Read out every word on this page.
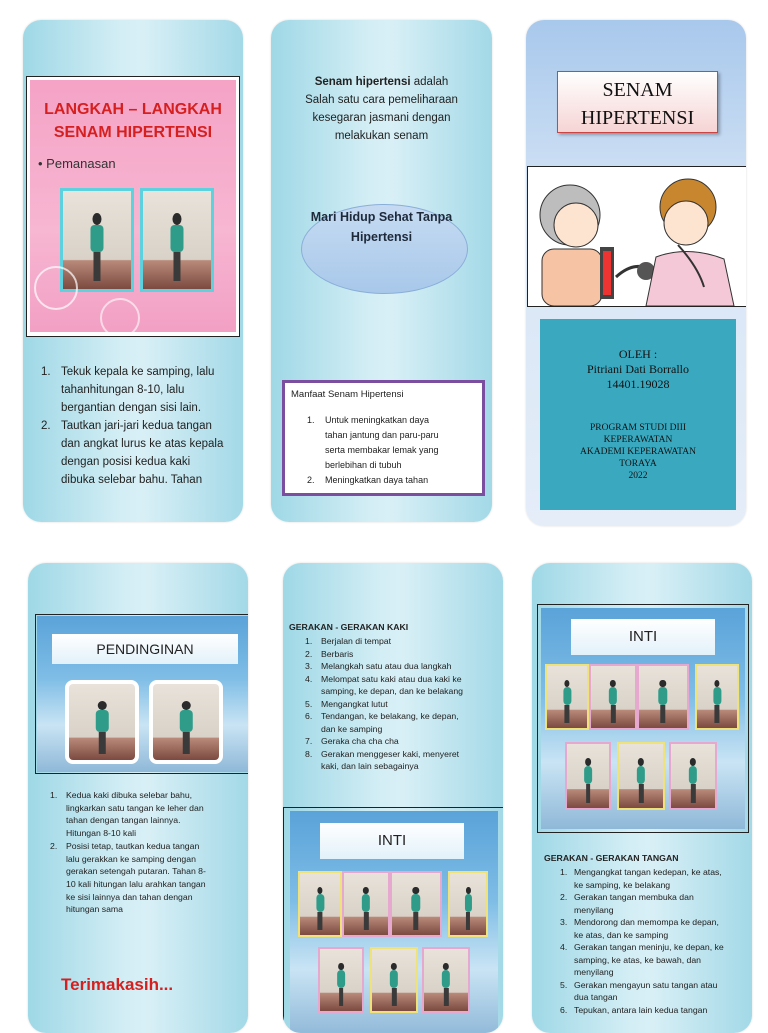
LANGKAH – LANGKAH
SENAM HIPERTENSI
• Pemanasan
1. Tekuk kepala ke samping, lalu
tahanhitungan 8-10, lalu
bergantian dengan sisi lain.
2. Tautkan jari-jari kedua tangan
dan angkat lurus ke atas kepala
dengan posisi kedua kaki
dibuka selebar bahu. Tahan
Senam hipertensi adalah
Salah satu cara pemeliharaan
kesegaran jasmani dengan
melakukan senam
Mari Hidup Sehat Tanpa
Hipertensi
Manfaat Senam Hipertensi
1. Untuk meningkatkan daya
tahan jantung dan paru-paru
serta membakar lemak yang
berlebihan di tubuh
2. Meningkatkan daya tahan
SENAM
HIPERTENSI
OLEH :
Pitriani Dati Borrallo
14401.19028
PROGRAM STUDI DIII
KEPERAWATAN
AKADEMI KEPERAWATAN
TORAYA
2022
PENDINGINAN
1. Kedua kaki dibuka selebar bahu,
lingkarkan satu tangan ke leher dan
tahan dengan tangan lainnya.
Hitungan 8-10 kali
2. Posisi tetap, tautkan kedua tangan
lalu gerakkan ke samping dengan
gerakan setengah putaran. Tahan 8-
10 kali hitungan lalu arahkan tangan
ke sisi lainnya dan tahan dengan
hitungan sama
Terimakasih...
GERAKAN - GERAKAN KAKI
1. Berjalan di tempat
2. Berbaris
3. Melangkah satu atau dua langkah
4. Melompat satu kaki atau dua kaki ke
samping, ke depan, dan ke belakang
5. Mengangkat lutut
6. Tendangan, ke belakang, ke depan,
dan ke samping
7. Geraka cha cha cha
8. Gerakan menggeser kaki, menyeret
kaki, dan lain sebagainya
INTI
INTI
GERAKAN - GERAKAN TANGAN
1. Mengangkat tangan kedepan, ke atas,
ke samping, ke belakang
2. Gerakan tangan membuka dan
menyilang
3. Mendorong dan memompa ke depan,
ke atas, dan ke samping
4. Gerakan tangan meninju, ke depan, ke
samping, ke atas, ke bawah, dan
menyilang
5. Gerakan mengayun satu tangan atau
dua tangan
6. Tepukan, antara lain kedua tangan
